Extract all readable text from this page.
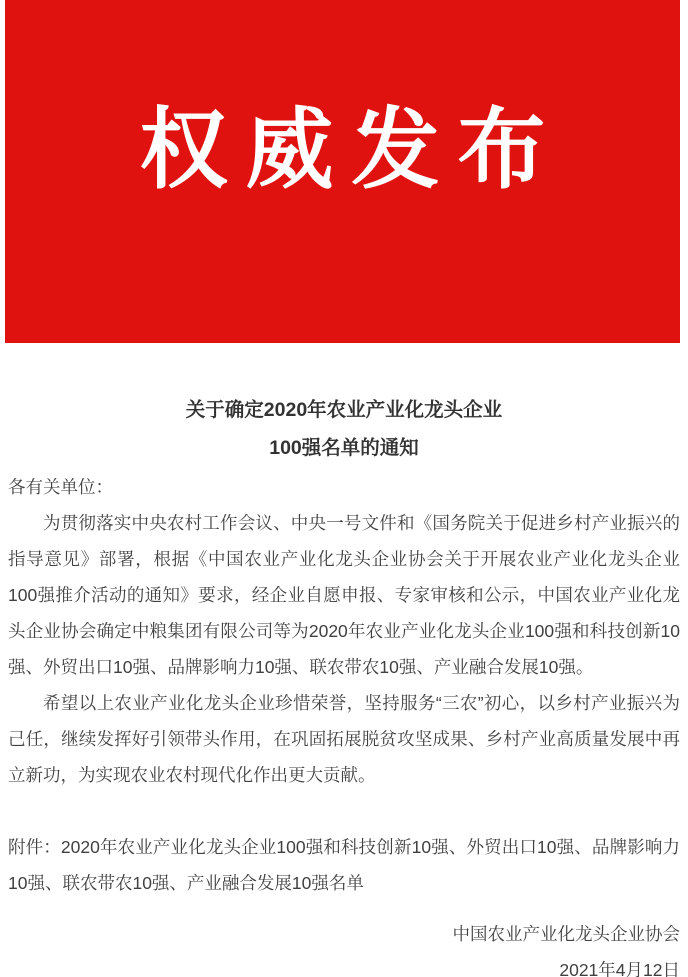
权威发布
关于确定2020年农业产业化龙头企业
100强名单的通知

各有关单位：

为贯彻落实中央农村工作会议、中央一号文件和《国务院关于促进乡村产业振兴的指导意见》部署，根据《中国农业产业化龙头企业协会关于开展农业产业化龙头企业100强推介活动的通知》要求，经企业自愿申报、专家审核和公示，中国农业产业化龙头企业协会确定中粮集团有限公司等为2020年农业产业化龙头企业100强和科技创新10强、外贸出口10强、品牌影响力10强、联农带农10强、产业融合发展10强。

希望以上农业产业化龙头企业珍惜荣誉，坚持服务“三农”初心，以乡村产业振兴为己任，继续发挥好引领带头作用，在巩固拓展脱贫攻坚成果、乡村产业高质量发展中再立新功，为实现农业农村现代化作出更大贡献。

附件：2020年农业产业化龙头企业100强和科技创新10强、外贸出口10强、品牌影响力10强、联农带农10强、产业融合发展10强名单

中国农业产业化龙头企业协会
2021年4月12日
